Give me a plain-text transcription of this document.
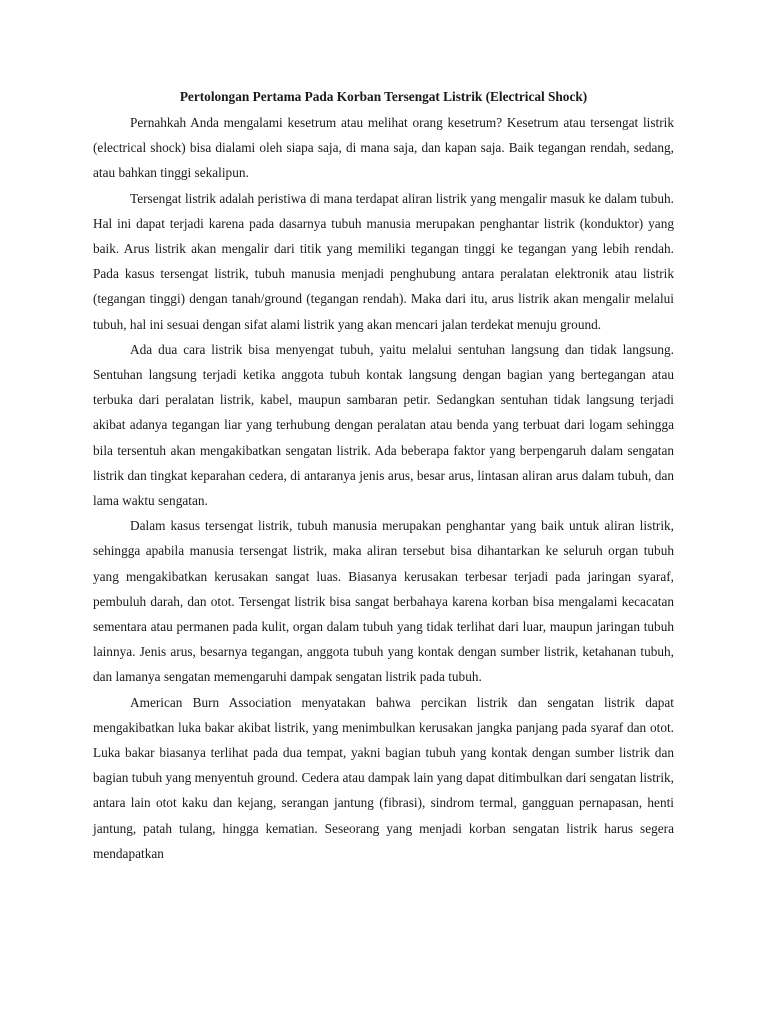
Pertolongan Pertama Pada Korban Tersengat Listrik (Electrical Shock)

Pernahkah Anda mengalami kesetrum atau melihat orang kesetrum? Kesetrum atau tersengat listrik (electrical shock) bisa dialami oleh siapa saja, di mana saja, dan kapan saja. Baik tegangan rendah, sedang, atau bahkan tinggi sekalipun.

Tersengat listrik adalah peristiwa di mana terdapat aliran listrik yang mengalir masuk ke dalam tubuh. Hal ini dapat terjadi karena pada dasarnya tubuh manusia merupakan penghantar listrik (konduktor) yang baik. Arus listrik akan mengalir dari titik yang memiliki tegangan tinggi ke tegangan yang lebih rendah. Pada kasus tersengat listrik, tubuh manusia menjadi penghubung antara peralatan elektronik atau listrik (tegangan tinggi) dengan tanah/ground (tegangan rendah). Maka dari itu, arus listrik akan mengalir melalui tubuh, hal ini sesuai dengan sifat alami listrik yang akan mencari jalan terdekat menuju ground.

Ada dua cara listrik bisa menyengat tubuh, yaitu melalui sentuhan langsung dan tidak langsung. Sentuhan langsung terjadi ketika anggota tubuh kontak langsung dengan bagian yang bertegangan atau terbuka dari peralatan listrik, kabel, maupun sambaran petir. Sedangkan sentuhan tidak langsung terjadi akibat adanya tegangan liar yang terhubung dengan peralatan atau benda yang terbuat dari logam sehingga bila tersentuh akan mengakibatkan sengatan listrik. Ada beberapa faktor yang berpengaruh dalam sengatan listrik dan tingkat keparahan cedera, di antaranya jenis arus, besar arus, lintasan aliran arus dalam tubuh, dan lama waktu sengatan.

Dalam kasus tersengat listrik, tubuh manusia merupakan penghantar yang baik untuk aliran listrik, sehingga apabila manusia tersengat listrik, maka aliran tersebut bisa dihantarkan ke seluruh organ tubuh yang mengakibatkan kerusakan sangat luas. Biasanya kerusakan terbesar terjadi pada jaringan syaraf, pembuluh darah, dan otot. Tersengat listrik bisa sangat berbahaya karena korban bisa mengalami kecacatan sementara atau permanen pada kulit, organ dalam tubuh yang tidak terlihat dari luar, maupun jaringan tubuh lainnya. Jenis arus, besarnya tegangan, anggota tubuh yang kontak dengan sumber listrik, ketahanan tubuh, dan lamanya sengatan memengaruhi dampak sengatan listrik pada tubuh.

American Burn Association menyatakan bahwa percikan listrik dan sengatan listrik dapat mengakibatkan luka bakar akibat listrik, yang menimbulkan kerusakan jangka panjang pada syaraf dan otot. Luka bakar biasanya terlihat pada dua tempat, yakni bagian tubuh yang kontak dengan sumber listrik dan bagian tubuh yang menyentuh ground. Cedera atau dampak lain yang dapat ditimbulkan dari sengatan listrik, antara lain otot kaku dan kejang, serangan jantung (fibrasi), sindrom termal, gangguan pernapasan, henti jantung, patah tulang, hingga kematian. Seseorang yang menjadi korban sengatan listrik harus segera mendapatkan
